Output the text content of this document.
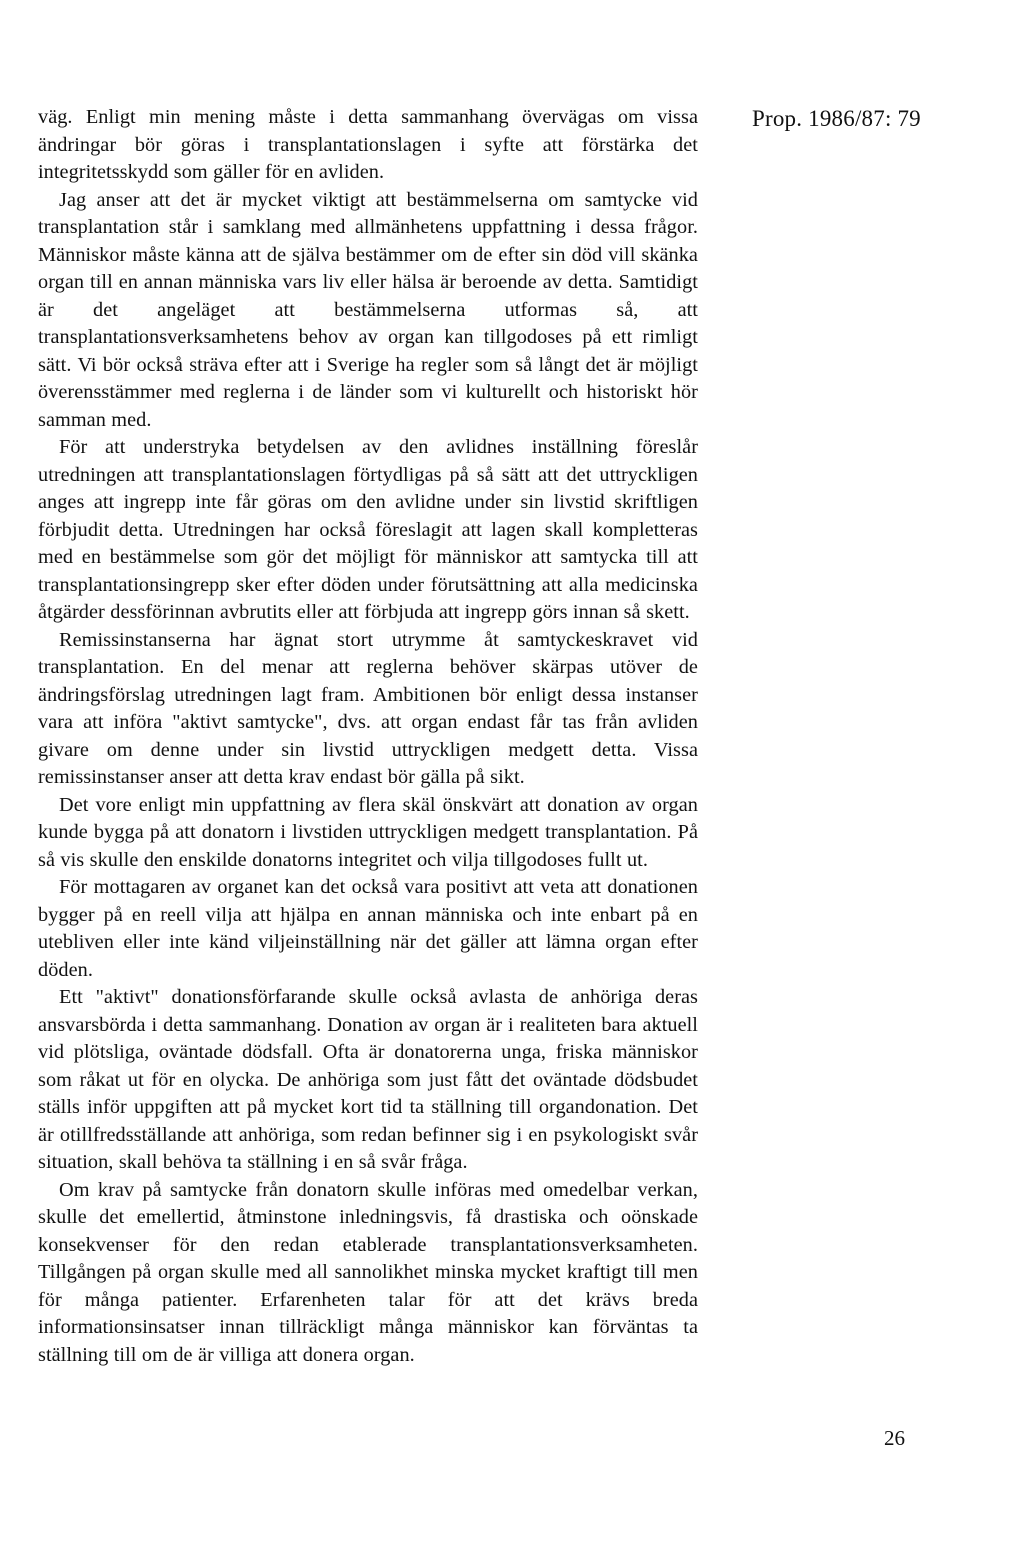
Prop. 1986/87: 79

väg. Enligt min mening måste i detta sammanhang övervägas om vissa ändringar bör göras i transplantationslagen i syfte att förstärka det integritetsskydd som gäller för en avliden.

Jag anser att det är mycket viktigt att bestämmelserna om samtycke vid transplantation står i samklang med allmänhetens uppfattning i dessa frågor. Människor måste känna att de själva bestämmer om de efter sin död vill skänka organ till en annan människa vars liv eller hälsa är beroende av detta. Samtidigt är det angeläget att bestämmelserna utformas så, att transplantationsverksamhetens behov av organ kan tillgodoses på ett rimligt sätt. Vi bör också sträva efter att i Sverige ha regler som så långt det är möjligt överensstämmer med reglerna i de länder som vi kulturellt och historiskt hör samman med.

För att understryka betydelsen av den avlidnes inställning föreslår utredningen att transplantationslagen förtydligas på så sätt att det uttryckligen anges att ingrepp inte får göras om den avlidne under sin livstid skriftligen förbjudit detta. Utredningen har också föreslagit att lagen skall kompletteras med en bestämmelse som gör det möjligt för människor att samtycka till att transplantationsingrepp sker efter döden under förutsättning att alla medicinska åtgärder dessförinnan avbrutits eller att förbjuda att ingrepp görs innan så skett.

Remissinstanserna har ägnat stort utrymme åt samtyckeskravet vid transplantation. En del menar att reglerna behöver skärpas utöver de ändringsförslag utredningen lagt fram. Ambitionen bör enligt dessa instanser vara att införa "aktivt samtycke", dvs. att organ endast får tas från avliden givare om denne under sin livstid uttryckligen medgett detta. Vissa remissinstanser anser att detta krav endast bör gälla på sikt.

Det vore enligt min uppfattning av flera skäl önskvärt att donation av organ kunde bygga på att donatorn i livstiden uttryckligen medgett transplantation. På så vis skulle den enskilde donatorns integritet och vilja tillgodoses fullt ut.

För mottagaren av organet kan det också vara positivt att veta att donationen bygger på en reell vilja att hjälpa en annan människa och inte enbart på en utebliven eller inte känd viljeinställning när det gäller att lämna organ efter döden.

Ett "aktivt" donationsförfarande skulle också avlasta de anhöriga deras ansvarsbörda i detta sammanhang. Donation av organ är i realiteten bara aktuell vid plötsliga, oväntade dödsfall. Ofta är donatorerna unga, friska människor som råkat ut för en olycka. De anhöriga som just fått det oväntade dödsbudet ställs inför uppgiften att på mycket kort tid ta ställning till organdonation. Det är otillfredsställande att anhöriga, som redan befinner sig i en psykologiskt svår situation, skall behöva ta ställning i en så svår fråga.

Om krav på samtycke från donatorn skulle införas med omedelbar verkan, skulle det emellertid, åtminstone inledningsvis, få drastiska och oönskade konsekvenser för den redan etablerade transplantationsverksamheten. Tillgången på organ skulle med all sannolikhet minska mycket kraftigt till men för många patienter. Erfarenheten talar för att det krävs breda informationsinsatser innan tillräckligt många människor kan förväntas ta ställning till om de är villiga att donera organ.

26
